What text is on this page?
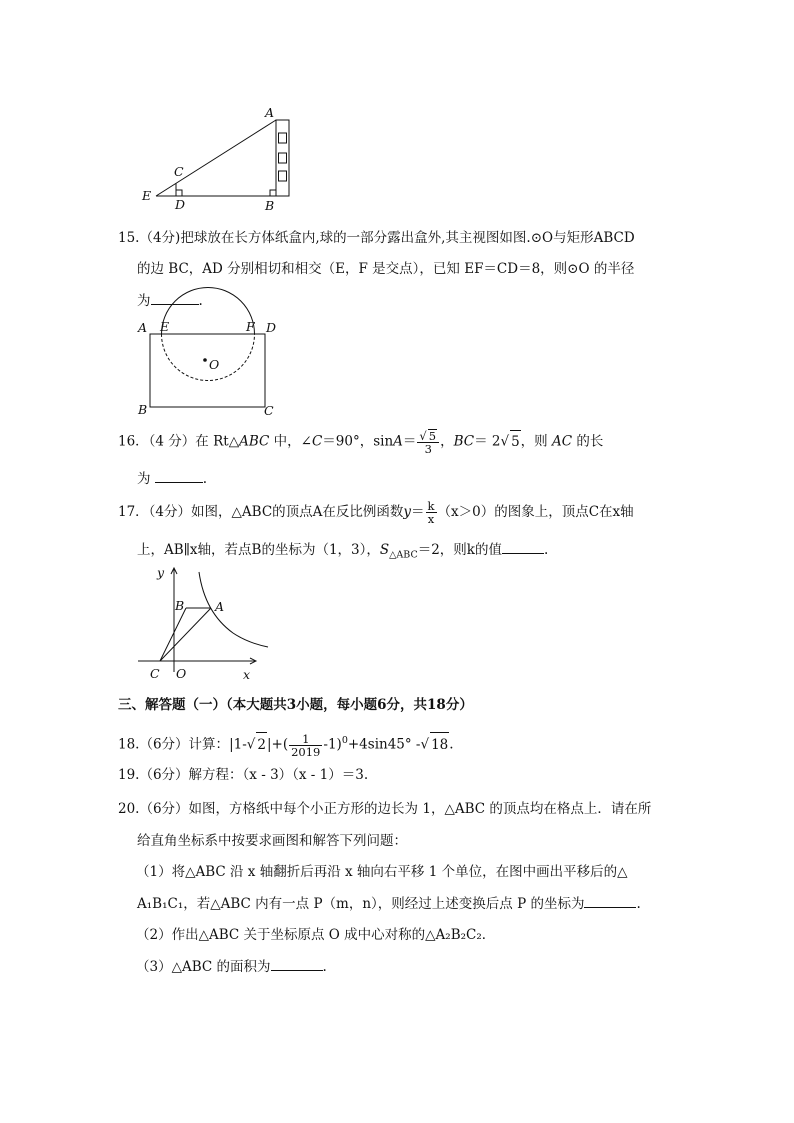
A
C
E
D	B
15.（4分)把球放在长方体纸盒内,球的一部分露出盒外,其主视图如图.⊙O与矩形ABCD
的边 BC，AD 分别相切和相交（E，F 是交点），已知 EF＝CD＝8，则⊙O 的半径
为	.
A E	F D
O
B	C
16．（4 分）在 Rt△ABC 中，∠C＝90°，$\sin A= \frac{√ 5}{3}$ ，BC＝ 2√ 5，则 AC 的长
为	.
17．（4分）如图，△ABC的顶点A在反比例函数$y= \frac{k}{x} (x>0)$的图象上，顶点C在x轴
上，AB∥x轴，若点B的坐标为（1，3），$S_{\triangle ABC}=2$，则k的值	.
y
B A
C O	x
三、解答题（一）（本大题共3小题，每小题6分，共18分）
18.（6分）计算：|1-√ $2|+( \frac{1}{2019} -1)^0+4\sin 45^\circ$ -√ 18.
19.（6分）解方程：（x - 3）（x - 1）＝3.
20.（6分）如图，方格纸中每个小正方形的边长为 1，△ABC 的顶点均在格点上．请在所
给直角坐标系中按要求画图和解答下列问题：
（1）将△ABC 沿 x 轴翻折后再沿 x 轴向右平移 1 个单位，在图中画出平移后的△
A₁B₁C₁，若△ABC 内有一点 P（m，n），则经过上述变换后点 P 的坐标为	.
（2）作出△ABC 关于坐标原点 O 成中心对称的△A₂B₂C₂．
（3）△ABC 的面积为	.
